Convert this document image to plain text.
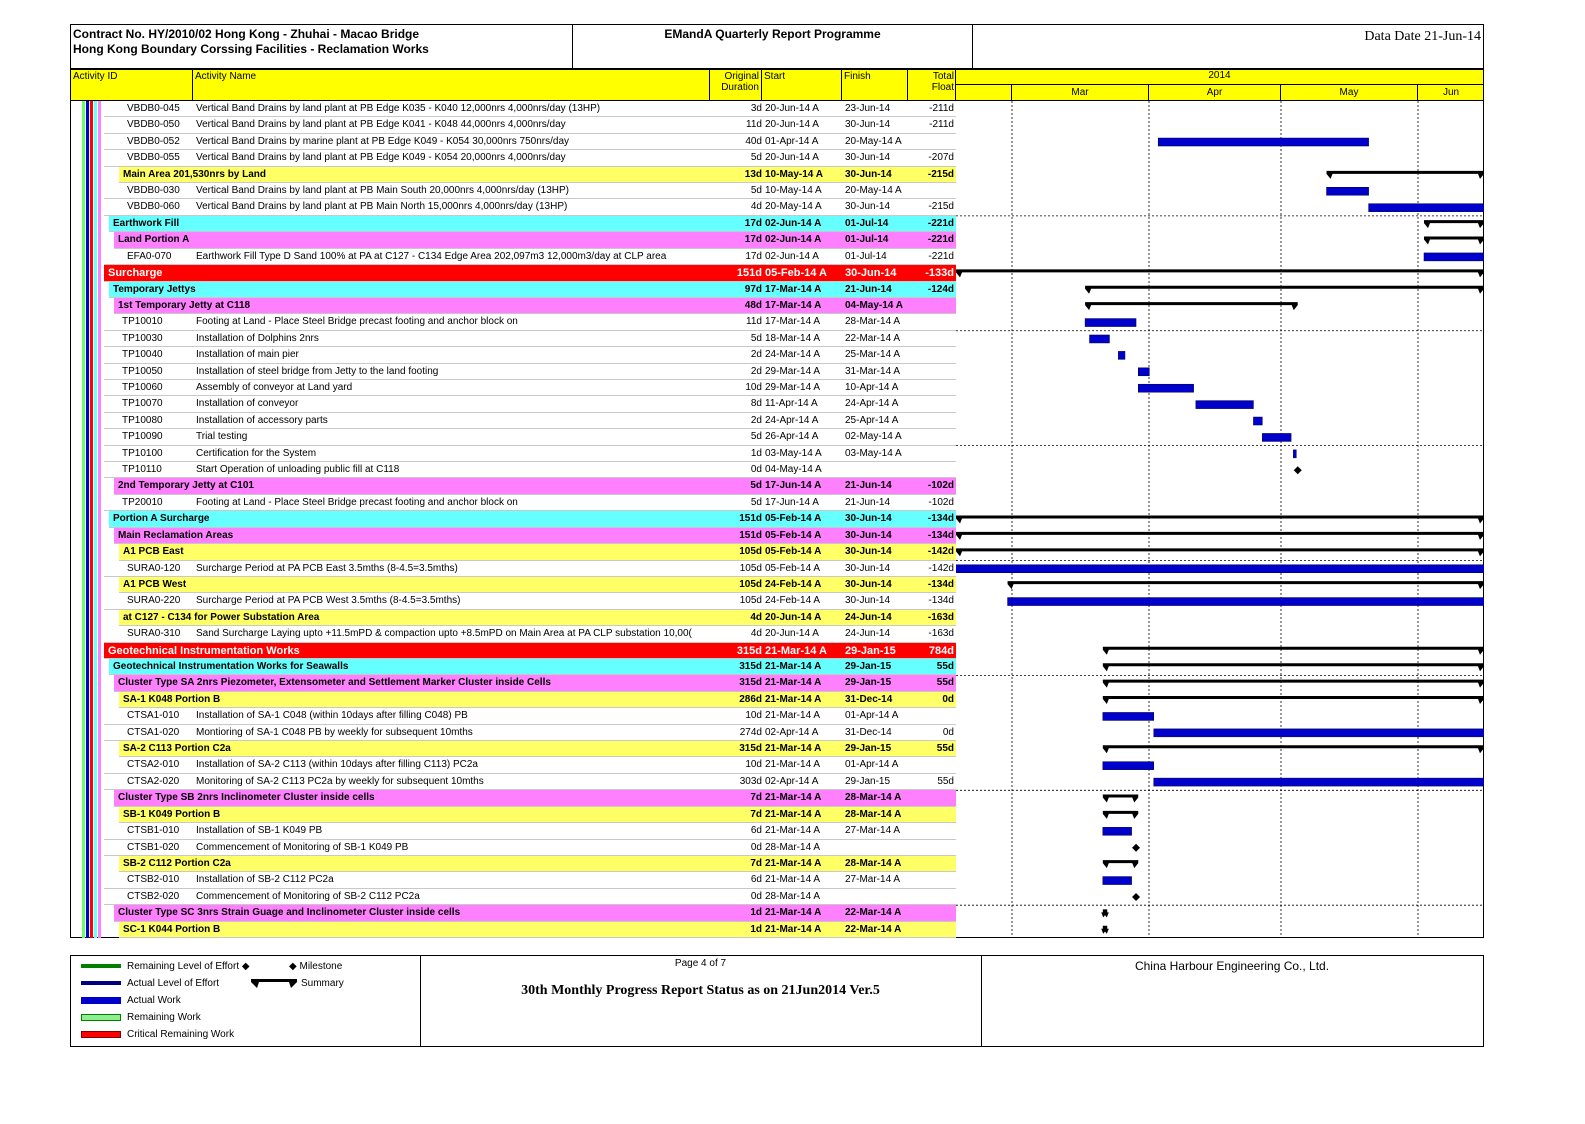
Contract No. HY/2010/02 Hong Kong - Zhuhai - Macao Bridge
Hong Kong Boundary Corssing Facilities - Reclamation Works
EMandA Quarterly Report Programme	Data Date 21-Jun-14
Activity ID	Activity Name	Original
Duration
Start	Finish	Total
Float
2014
Mar	Apr	May	Jun
VBDB0-045	Vertical Band Drains by land plant at PB Edge K035 - K040 12,000nrs 4,000nrs/day (13HP)	3d 20-Jun-14 A	23-Jun-14	-211d
VBDB0-050	Vertical Band Drains by land plant at PB Edge K041 - K048 44,000nrs 4,000nrs/day	11d 20-Jun-14 A	30-Jun-14	-211d
VBDB0-052	Vertical Band Drains by marine plant at PB Edge K049 - K054 30,000nrs 750nrs/day	40d 01-Apr-14 A	20-May-14 A
VBDB0-055	Vertical Band Drains by land plant at PB Edge K049 - K054 20,000nrs 4,000nrs/day	5d 20-Jun-14 A	30-Jun-14	-207d
Main Area 201,530nrs by Land	13d 10-May-14 A	30-Jun-14	-215d
VBDB0-030	Vertical Band Drains by land plant at PB Main South 20,000nrs 4,000nrs/day (13HP)	5d 10-May-14 A	20-May-14 A
VBDB0-060	Vertical Band Drains by land plant at PB Main North 15,000nrs 4,000nrs/day (13HP)	4d 20-May-14 A	30-Jun-14	-215d
Earthwork Fill	17d 02-Jun-14 A	01-Jul-14	-221d
Land Portion A	17d 02-Jun-14 A	01-Jul-14	-221d
EFA0-070	Earthwork Fill Type D Sand 100% at PA at C127 - C134 Edge Area 202,097m3 12,000m3/day at CLP area	17d 02-Jun-14 A	01-Jul-14	-221d
Surcharge	151d 05-Feb-14 A	30-Jun-14	-133d
Temporary Jettys	97d 17-Mar-14 A	21-Jun-14	-124d
1st Temporary Jetty at C118	48d 17-Mar-14 A	04-May-14 A
TP10010	Footing at Land - Place Steel Bridge precast footing and anchor block on	11d 17-Mar-14 A	28-Mar-14 A
TP10030	Installation of Dolphins 2nrs	5d 18-Mar-14 A	22-Mar-14 A
TP10040	Installation of main pier	2d 24-Mar-14 A	25-Mar-14 A
TP10050	Installation of steel bridge from Jetty to the land footing	2d 29-Mar-14 A	31-Mar-14 A
TP10060	Assembly of conveyor at Land yard	10d 29-Mar-14 A	10-Apr-14 A
TP10070	Installation of conveyor	8d 11-Apr-14 A	24-Apr-14 A
TP10080	Installation of accessory parts	2d 24-Apr-14 A	25-Apr-14 A
TP10090	Trial testing	5d 26-Apr-14 A	02-May-14 A
TP10100	Certification for the System	1d 03-May-14 A	03-May-14 A
TP10110	Start Operation of unloading public fill at C118	0d 04-May-14 A
2nd Temporary Jetty at C101	5d 17-Jun-14 A	21-Jun-14	-102d
TP20010	Footing at Land - Place Steel Bridge precast footing and anchor block on	5d 17-Jun-14 A	21-Jun-14	-102d
Portion A Surcharge	151d 05-Feb-14 A	30-Jun-14	-134d
Main Reclamation Areas	151d 05-Feb-14 A	30-Jun-14	-134d
A1 PCB East	105d 05-Feb-14 A	30-Jun-14	-142d
SURA0-120	Surcharge Period at PA PCB East 3.5mths (8-4.5=3.5mths)	105d 05-Feb-14 A	30-Jun-14	-142d
A1 PCB West	105d 24-Feb-14 A	30-Jun-14	-134d
SURA0-220	Surcharge Period at PA PCB West 3.5mths (8-4.5=3.5mths)	105d 24-Feb-14 A	30-Jun-14	-134d
at C127 - C134 for Power Substation Area	4d 20-Jun-14 A	24-Jun-14	-163d
SURA0-310	Sand Surcharge Laying upto +11.5mPD & compaction upto +8.5mPD on Main Area at PA CLP substation 10,00(	4d 20-Jun-14 A	24-Jun-14	-163d
Geotechnical Instrumentation Works	315d 21-Mar-14 A	29-Jan-15	784d
Geotechnical Instrumentation Works for Seawalls	315d 21-Mar-14 A	29-Jan-15	55d
Cluster Type SA 2nrs Piezometer, Extensometer and Settlement Marker Cluster inside Cells	315d 21-Mar-14 A	29-Jan-15	55d
SA-1 K048 Portion B	286d 21-Mar-14 A	31-Dec-14	0d
CTSA1-010	Installation of SA-1 C048 (within 10days after filling C048) PB	10d 21-Mar-14 A	01-Apr-14 A
CTSA1-020	Montioring of SA-1 C048 PB by weekly for subsequent 10mths	274d 02-Apr-14 A	31-Dec-14	0d
SA-2 C113 Portion C2a	315d 21-Mar-14 A	29-Jan-15	55d
CTSA2-010	Installation of SA-2 C113 (within 10days after filling C113) PC2a	10d 21-Mar-14 A	01-Apr-14 A
CTSA2-020	Monitoring of SA-2 C113 PC2a by weekly for subsequent 10mths	303d 02-Apr-14 A	29-Jan-15	55d
Cluster Type SB 2nrs Inclinometer Cluster inside cells	7d 21-Mar-14 A	28-Mar-14 A
SB-1 K049 Portion B	7d 21-Mar-14 A	28-Mar-14 A
CTSB1-010	Installation of SB-1 K049 PB	6d 21-Mar-14 A	27-Mar-14 A
CTSB1-020	Commencement of Monitoring of SB-1 K049 PB	0d 28-Mar-14 A
SB-2 C112 Portion C2a	7d 21-Mar-14 A	28-Mar-14 A
CTSB2-010	Installation of SB-2 C112 PC2a	6d 21-Mar-14 A	27-Mar-14 A
CTSB2-020	Commencement of Monitoring of SB-2 C112 PC2a	0d 28-Mar-14 A
Cluster Type SC 3nrs Strain Guage and Inclinometer Cluster inside cells	1d 21-Mar-14 A	22-Mar-14 A
SC-1 K044 Portion B	1d 21-Mar-14 A	22-Mar-14 A
Remaining Level of Effort ◆
Actual Level of Effort
Actual Work
Remaining Work
Critical Remaining Work
◆ Milestone
Summary
Page 4 of 7
30th Monthly Progress Report Status as on 21Jun2014 Ver.5
China Harbour Engineering Co., Ltd.
